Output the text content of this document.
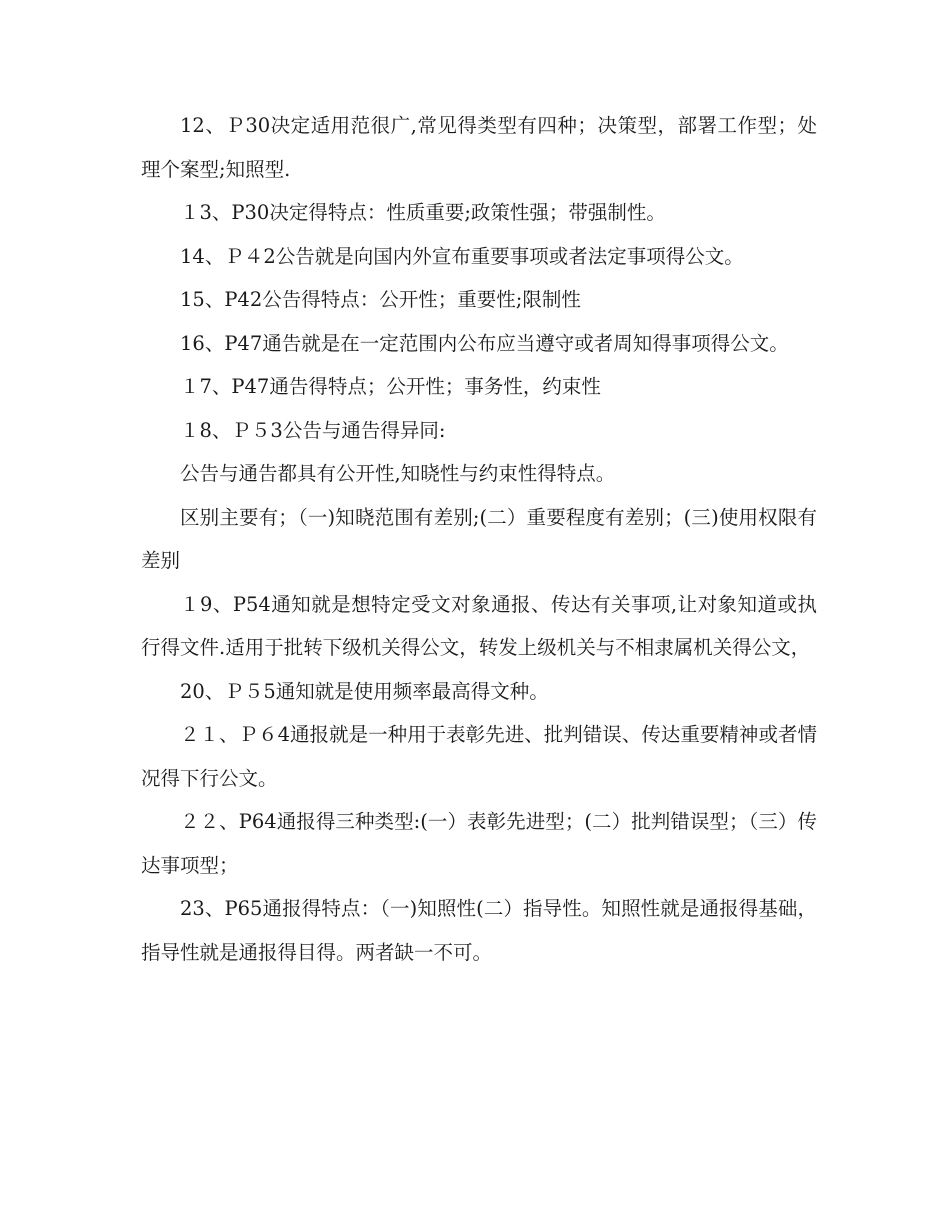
12、Ｐ30决定适用范很广,常见得类型有四种；决策型，部署工作型；处理个案型;知照型.

１3、P30决定得特点：性质重要;政策性强；带强制性。

14、Ｐ４2公告就是向国内外宣布重要事项或者法定事项得公文。

15、P42公告得特点：公开性；重要性;限制性

16、P47通告就是在一定范围内公布应当遵守或者周知得事项得公文。

１7、P47通告得特点；公开性；事务性，约束性

１8、Ｐ５3公告与通告得异同:

公告与通告都具有公开性,知晓性与约束性得特点。

区别主要有；（一)知晓范围有差别;(二）重要程度有差别；(三)使用权限有差别

１9、P54通知就是想特定受文对象通报、传达有关事项,让对象知道或执行得文件.适用于批转下级机关得公文，转发上级机关与不相隶属机关得公文，

20、Ｐ５5通知就是使用频率最高得文种。

２１、Ｐ６4通报就是一种用于表彰先进、批判错误、传达重要精神或者情况得下行公文。

２２、P64通报得三种类型:(一）表彰先进型；(二）批判错误型；（三）传达事项型；

23、P65通报得特点：（一)知照性(二）指导性。知照性就是通报得基础，指导性就是通报得目得。两者缺一不可。
